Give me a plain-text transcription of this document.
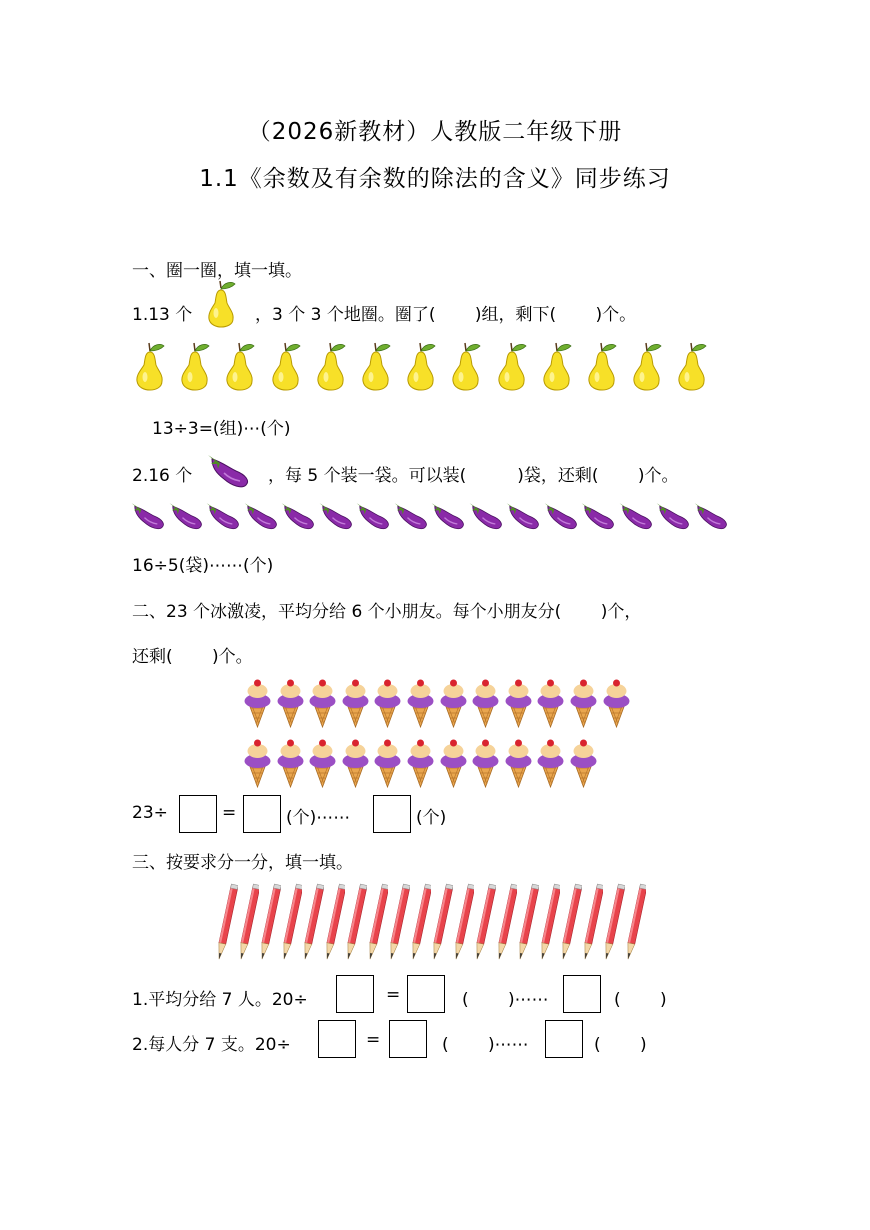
（2026新教材）人教版二年级下册
1.1《余数及有余数的除法的含义》同步练习
一、圈一圈，填一填。
1.13 个	，3 个 3 个地圈。圈了(　　 )组，剩下(　　 )个。
13÷3=(组)⋯(个)
2.16 个	，每 5 个装一袋。可以装(　　　)袋，还剩(　　 )个。
16÷5(袋)⋯⋯(个)
二、23 个冰激凌，平均分给 6 个小朋友。每个小朋友分(　　 )个，
还剩(　　 )个。
23÷	=	(个)⋯⋯	(个)
三、按要求分一分，填一填。
1.平均分给 7 人。20÷	=	(　　 )⋯⋯	(　　 )
2.每人分 7 支。20÷	=	(　　 )⋯⋯	(　　 )
